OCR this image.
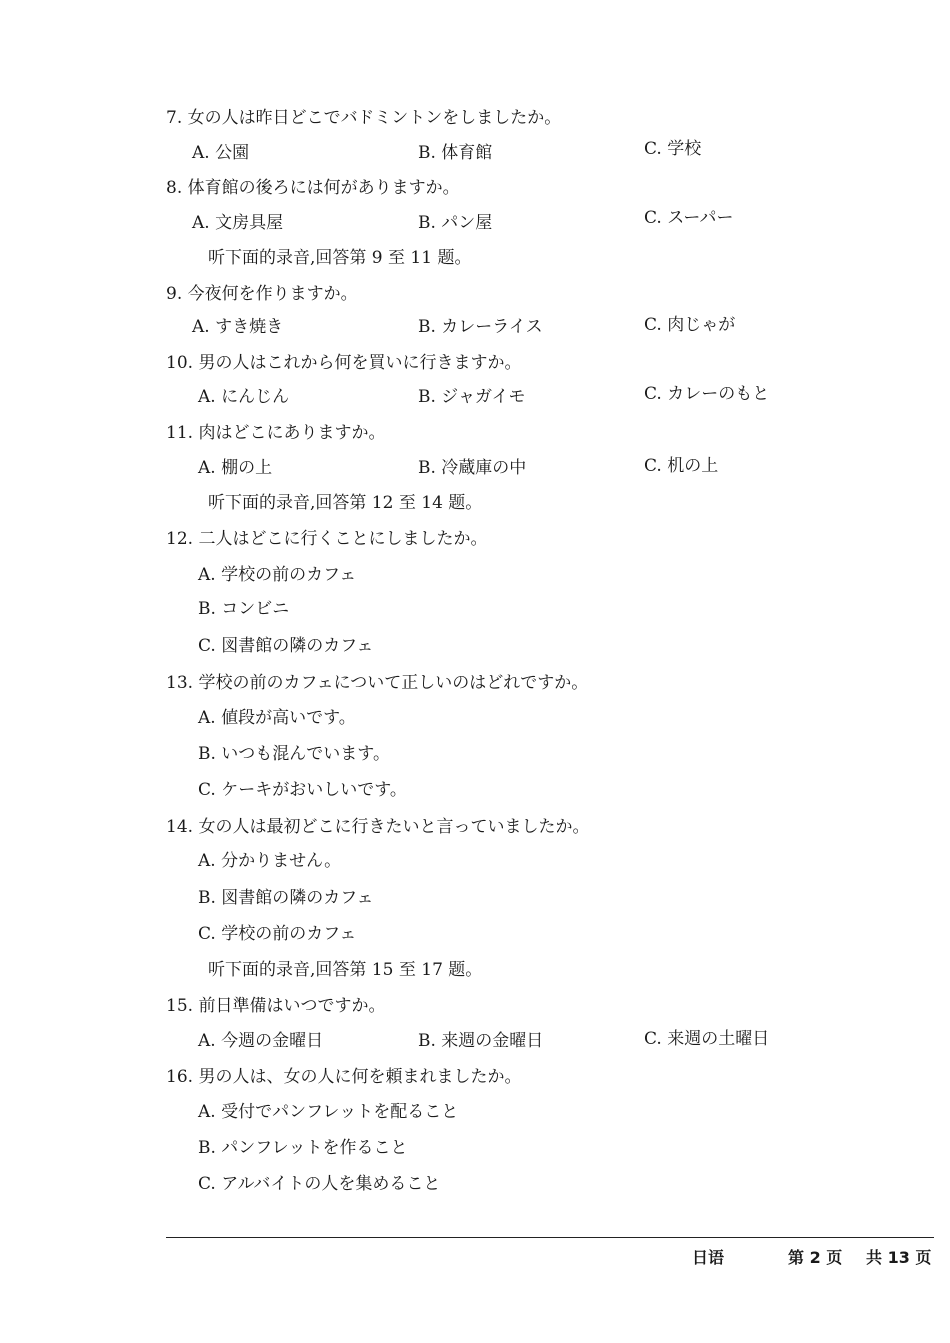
7. 女の人は昨日どこでバドミントンをしましたか。
A. 公園	B. 体育館	C. 学校
8. 体育館の後ろには何がありますか。
A. 文房具屋	B. パン屋	C. スーパー
听下面的录音,回答第 9 至 11 题。
9. 今夜何を作りますか。
A. すき焼き	B. カレーライス	C. 肉じゃが
10. 男の人はこれから何を買いに行きますか。
A. にんじん	B. ジャガイモ	C. カレーのもと
11. 肉はどこにありますか。
A. 棚の上	B. 冷蔵庫の中	C. 机の上
听下面的录音,回答第 12 至 14 题。
12. 二人はどこに行くことにしましたか。
A. 学校の前のカフェ
B. コンビニ
C. 図書館の隣のカフェ
13. 学校の前のカフェについて正しいのはどれですか。
A. 値段が高いです。
B. いつも混んでいます。
C. ケーキがおいしいです。
14. 女の人は最初どこに行きたいと言っていましたか。
A. 分かりません。
B. 図書館の隣のカフェ
C. 学校の前のカフェ
听下面的录音,回答第 15 至 17 题。
15. 前日準備はいつですか。
A. 今週の金曜日	B. 来週の金曜日	C. 来週の土曜日
16. 男の人は、女の人に何を頼まれましたか。
A. 受付でパンフレットを配ること
B. パンフレットを作ること
C. アルバイトの人を集めること
日语	第 2 页 共 13 页
